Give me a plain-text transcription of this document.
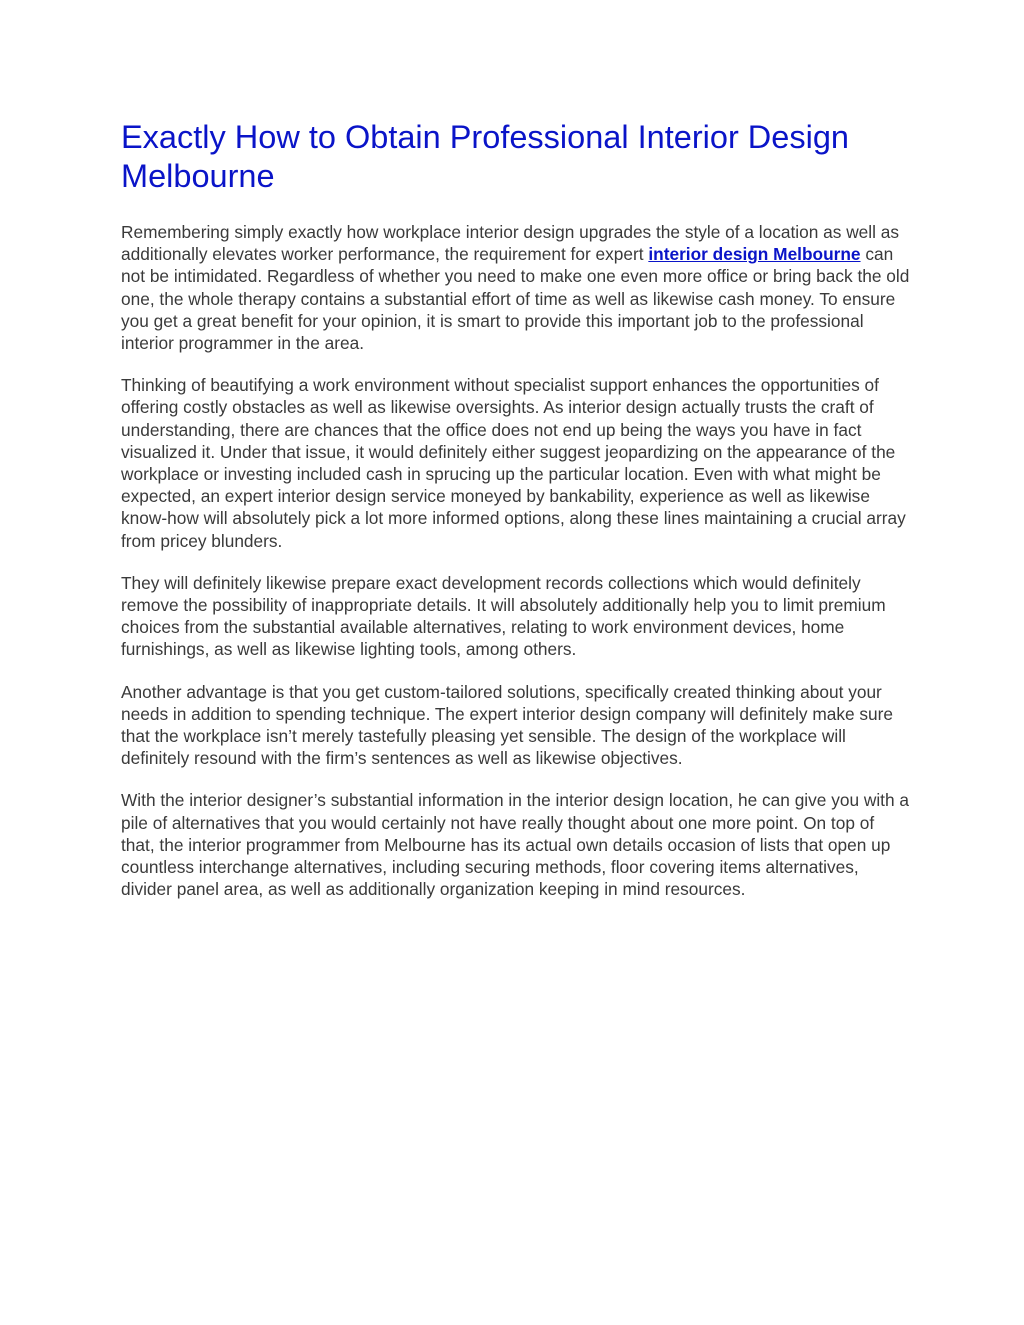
Exactly How to Obtain Professional Interior Design Melbourne

Remembering simply exactly how workplace interior design upgrades the style of a location as well as additionally elevates worker performance, the requirement for expert interior design Melbourne can not be intimidated. Regardless of whether you need to make one even more office or bring back the old one, the whole therapy contains a substantial effort of time as well as likewise cash money. To ensure you get a great benefit for your opinion, it is smart to provide this important job to the professional interior programmer in the area.

Thinking of beautifying a work environment without specialist support enhances the opportunities of offering costly obstacles as well as likewise oversights. As interior design actually trusts the craft of understanding, there are chances that the office does not end up being the ways you have in fact visualized it. Under that issue, it would definitely either suggest jeopardizing on the appearance of the workplace or investing included cash in sprucing up the particular location. Even with what might be expected, an expert interior design service moneyed by bankability, experience as well as likewise know-how will absolutely pick a lot more informed options, along these lines maintaining a crucial array from pricey blunders.

They will definitely likewise prepare exact development records collections which would definitely remove the possibility of inappropriate details. It will absolutely additionally help you to limit premium choices from the substantial available alternatives, relating to work environment devices, home furnishings, as well as likewise lighting tools, among others.

Another advantage is that you get custom-tailored solutions, specifically created thinking about your needs in addition to spending technique. The expert interior design company will definitely make sure that the workplace isn’t merely tastefully pleasing yet sensible. The design of the workplace will definitely resound with the firm’s sentences as well as likewise objectives.

With the interior designer’s substantial information in the interior design location, he can give you with a pile of alternatives that you would certainly not have really thought about one more point. On top of that, the interior programmer from Melbourne has its actual own details occasion of lists that open up countless interchange alternatives, including securing methods, floor covering items alternatives, divider panel area, as well as additionally organization keeping in mind resources.
